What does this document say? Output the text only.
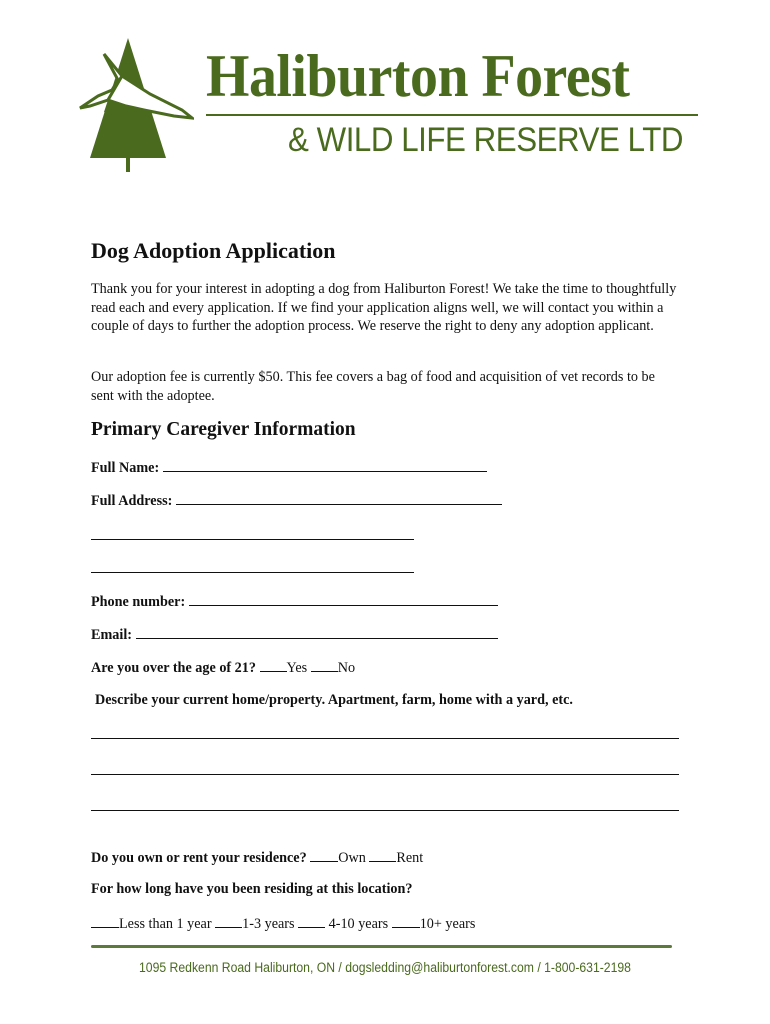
Haliburton Forest
& WILD LIFE RESERVE LTD
Dog Adoption Application
Thank you for your interest in adopting a dog from Haliburton Forest! We take the time to thoughtfully read each and every application. If we find your application aligns well, we will contact you within a couple of days to further the adoption process. We reserve the right to deny any adoption applicant.
Our adoption fee is currently $50. This fee covers a bag of food and acquisition of vet records to be sent with the adoptee.
Primary Caregiver Information
Full Name:
Full Address:
Phone number:
Email:
Are you over the age of 21? Yes No
Describe your current home/property. Apartment, farm, home with a yard, etc.
Do you own or rent your residence? Own Rent
For how long have you been residing at this location?
Less than 1 year 1-3 years 4-10 years 10+ years
1095 Redkenn Road Haliburton, ON / dogsledding@haliburtonforest.com / 1-800-631-2198
